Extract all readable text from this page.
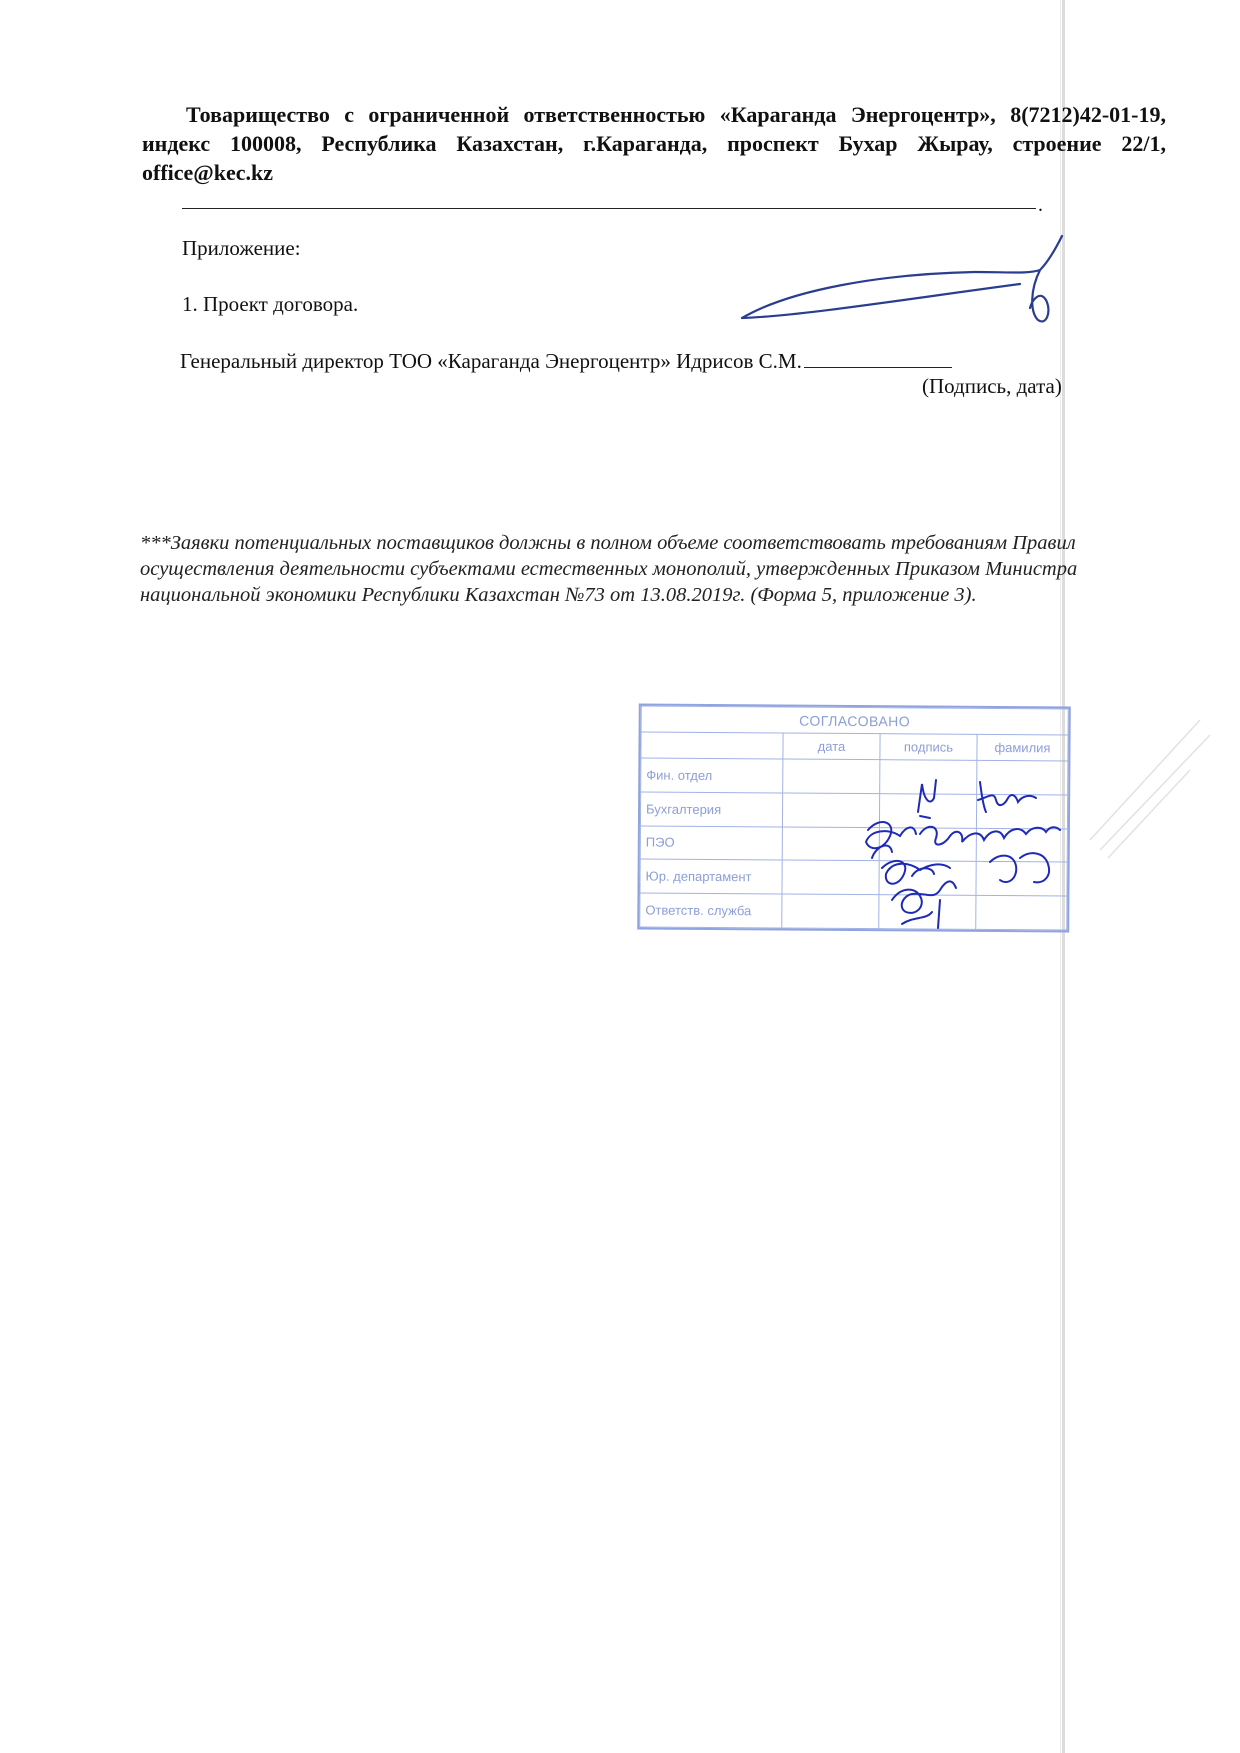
Товарищество с ограниченной ответственностью «Караганда Энергоцентр», 8(7212)42-01-19, индекс 100008, Республика Казахстан, г.Караганда, проспект Бухар Жырау, строение 22/1, office@kec.kz
.
Приложение:
1. Проект договора.
Генеральный директор ТОО «Караганда Энергоцентр» Идрисов С.М.
(Подпись, дата)
***Заявки потенциальных поставщиков должны в полном объеме соответствовать требованиям Правил осуществления деятельности субъектами естественных монополий, утвержденных Приказом Министра национальной экономики Республики Казахстан №73 от 13.08.2019г. (Форма 5, приложение 3).
СОГЛАСОВАНО			
	дата	подпись	фамилия
Фин. отдел			
Бухгалтерия			
ПЭО			
Юр. департамент			
Ответств. служба			
